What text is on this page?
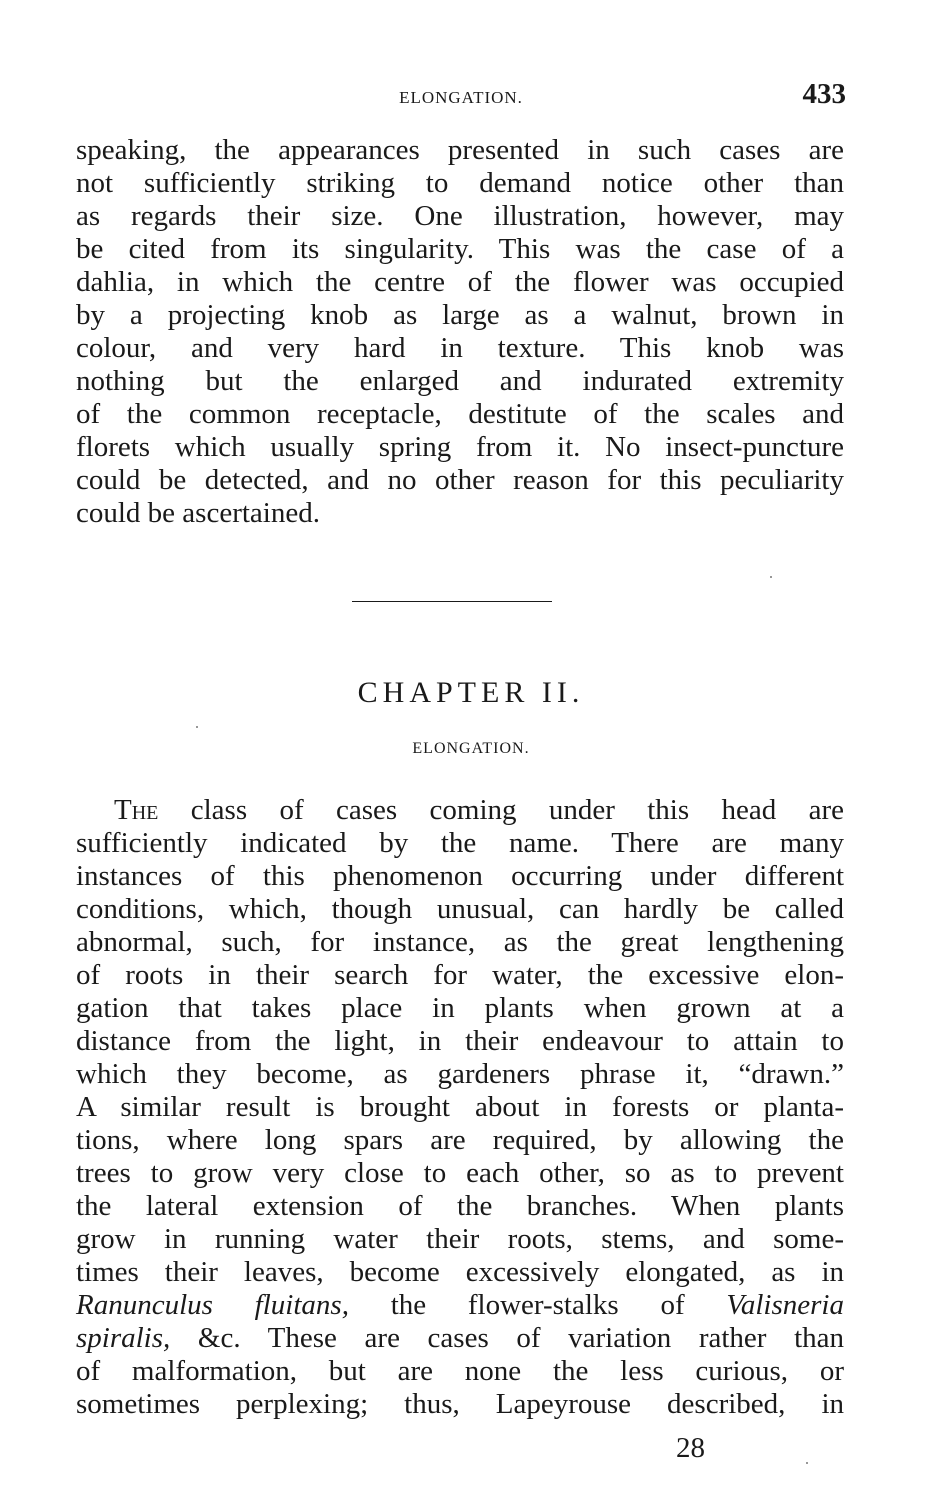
ELONGATION.	433
speaking, the appearances presented in such cases are
not sufficiently striking to demand notice other than
as regards their size. One illustration, however, may
be cited from its singularity. This was the case of a
dahlia, in which the centre of the flower was occupied
by a projecting knob as large as a walnut, brown in
colour, and very hard in texture. This knob was
nothing but the enlarged and indurated extremity
of the common receptacle, destitute of the scales and
florets which usually spring from it. No insect-puncture
could be detected, and no other reason for this peculiarity
could be ascertained.
CHAPTER II.
ELONGATION.
The class of cases coming under this head are
sufficiently indicated by the name. There are many
instances of this phenomenon occurring under different
conditions, which, though unusual, can hardly be called
abnormal, such, for instance, as the great lengthening
of roots in their search for water, the excessive elon-
gation that takes place in plants when grown at a
distance from the light, in their endeavour to attain to
which they become, as gardeners phrase it, “drawn.”
A similar result is brought about in forests or planta-
tions, where long spars are required, by allowing the
trees to grow very close to each other, so as to prevent
the lateral extension of the branches. When plants
grow in running water their roots, stems, and some-
times their leaves, become excessively elongated, as in
Ranunculus fluitans, the flower-stalks of Valisneria
spiralis, &c. These are cases of variation rather than
of malformation, but are none the less curious, or
sometimes perplexing; thus, Lapeyrouse described, in
28
